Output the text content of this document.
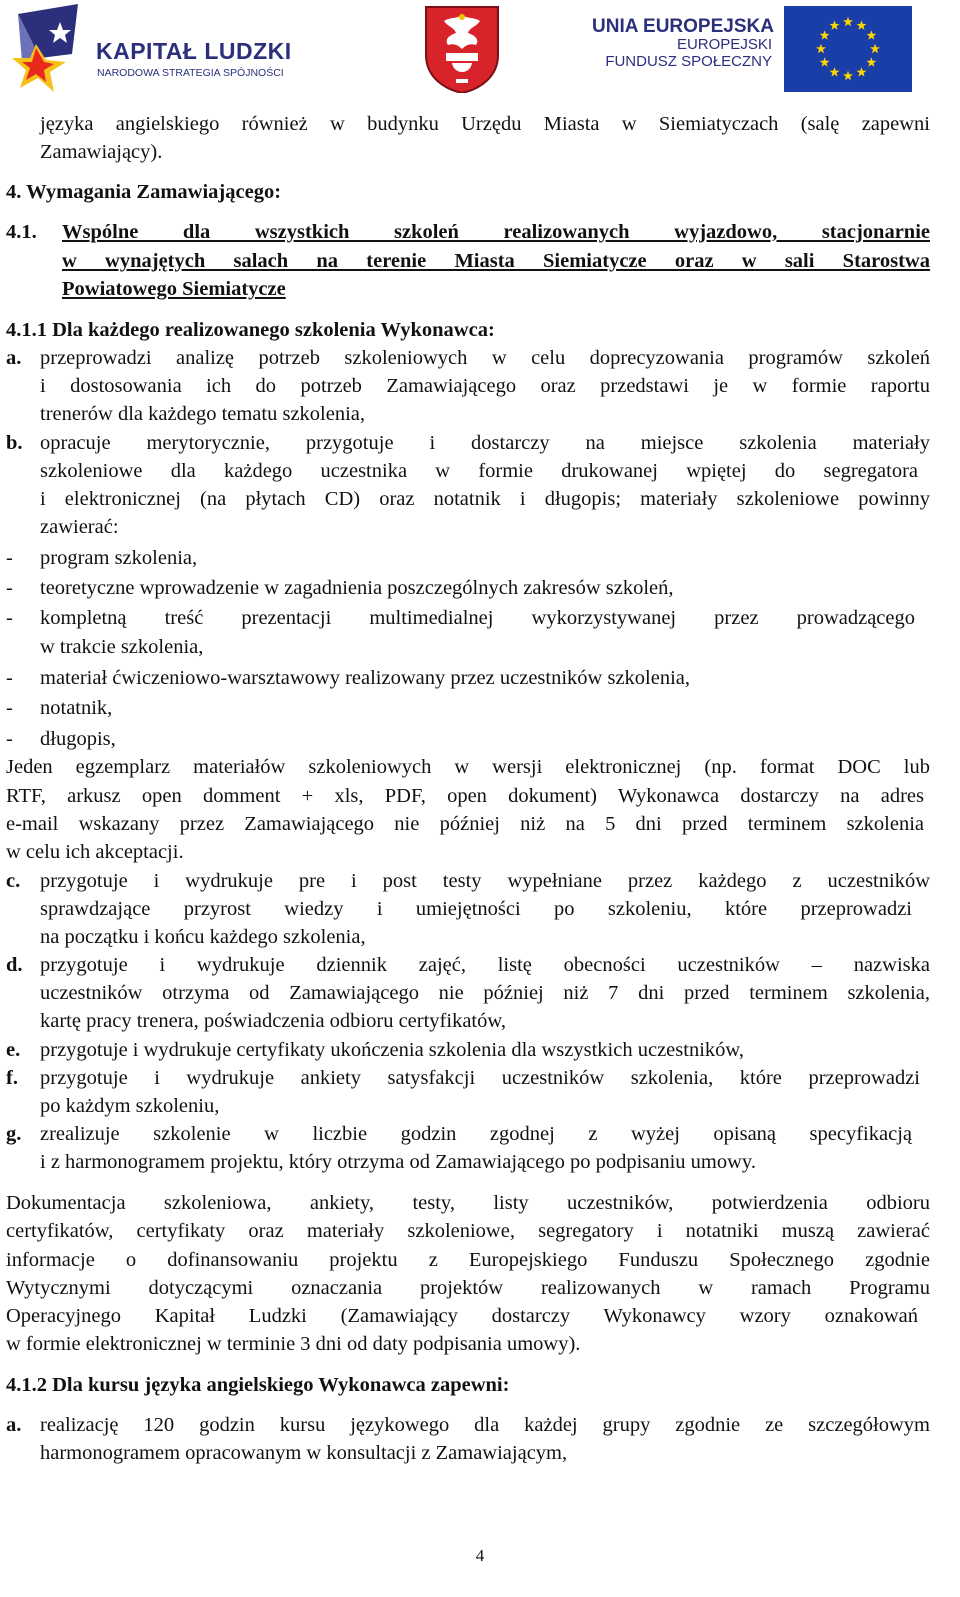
KAPITAŁ LUDZKI
NARODOWA STRATEGIA SPÓJNOŚCI
UNIA EUROPEJSKA
EUROPEJSKI
FUNDUSZ SPOŁECZNY
języka angielskiego również w budynku Urzędu Miasta w Siemiatyczach (salę zapewni
Zamawiający).
4. Wymagania Zamawiającego:
4.1. Wspólne dla wszystkich szkoleń realizowanych wyjazdowo, stacjonarnie
w wynajętych salach na terenie Miasta Siemiatycze oraz w sali Starostwa
Powiatowego Siemiatycze
4.1.1 Dla każdego realizowanego szkolenia Wykonawca:
a. przeprowadzi analizę potrzeb szkoleniowych w celu doprecyzowania programów szkoleń
i dostosowania ich do potrzeb Zamawiającego oraz przedstawi je w formie raportu
trenerów dla każdego tematu szkolenia,
b. opracuje merytorycznie, przygotuje i dostarczy na miejsce szkolenia materiały
szkoleniowe dla każdego uczestnika w formie drukowanej wpiętej do segregatora
i elektronicznej (na płytach CD) oraz notatnik i długopis; materiały szkoleniowe powinny
zawierać:
- program szkolenia,
- teoretyczne wprowadzenie w zagadnienia poszczególnych zakresów szkoleń,
- kompletną treść prezentacji multimedialnej wykorzystywanej przez prowadzącego
w trakcie szkolenia,
- materiał ćwiczeniowo-warsztawowy realizowany przez uczestników szkolenia,
- notatnik,
- długopis,
Jeden egzemplarz materiałów szkoleniowych w wersji elektronicznej (np. format DOC lub
RTF, arkusz open domment + xls, PDF, open dokument) Wykonawca dostarczy na adres
e-mail wskazany przez Zamawiającego nie później niż na 5 dni przed terminem szkolenia
w celu ich akceptacji.
c. przygotuje i wydrukuje pre i post testy wypełniane przez każdego z uczestników
sprawdzające przyrost wiedzy i umiejętności po szkoleniu, które przeprowadzi
na początku i końcu każdego szkolenia,
d. przygotuje i wydrukuje dziennik zajęć, listę obecności uczestników – nazwiska
uczestników otrzyma od Zamawiającego nie później niż 7 dni przed terminem szkolenia,
kartę pracy trenera, poświadczenia odbioru certyfikatów,
e. przygotuje i wydrukuje certyfikaty ukończenia szkolenia dla wszystkich uczestników,
f. przygotuje i wydrukuje ankiety satysfakcji uczestników szkolenia, które przeprowadzi
po każdym szkoleniu,
g. zrealizuje szkolenie w liczbie godzin zgodnej z wyżej opisaną specyfikacją
i z harmonogramem projektu, który otrzyma od Zamawiającego po podpisaniu umowy.
Dokumentacja szkoleniowa, ankiety, testy, listy uczestników, potwierdzenia odbioru
certyfikatów, certyfikaty oraz materiały szkoleniowe, segregatory i notatniki muszą zawierać
informacje o dofinansowaniu projektu z Europejskiego Funduszu Społecznego zgodnie
Wytycznymi dotyczącymi oznaczania projektów realizowanych w ramach Programu
Operacyjnego Kapitał Ludzki (Zamawiający dostarczy Wykonawcy wzory oznakowań
w formie elektronicznej w terminie 3 dni od daty podpisania umowy).
4.1.2 Dla kursu języka angielskiego Wykonawca zapewni:
a. realizację 120 godzin kursu językowego dla każdej grupy zgodnie ze szczegółowym
harmonogramem opracowanym w konsultacji z Zamawiającym,
4
